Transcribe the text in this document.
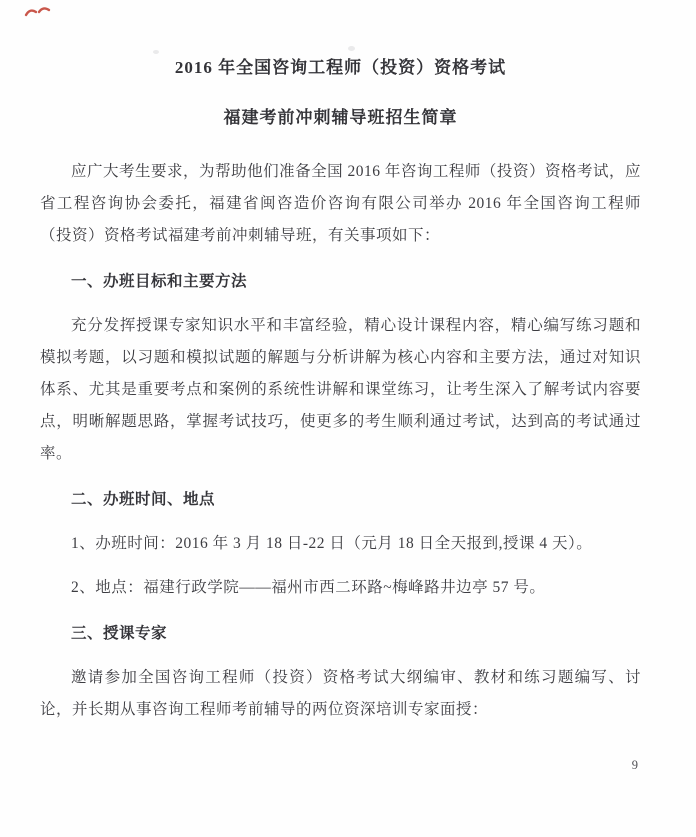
2016 年全国咨询工程师（投资）资格考试
福建考前冲刺辅导班招生简章

应广大考生要求，为帮助他们准备全国 2016 年咨询工程师（投资）资格考试，应省工程咨询协会委托，福建省闽咨造价咨询有限公司举办 2016 年全国咨询工程师（投资）资格考试福建考前冲刺辅导班，有关事项如下：

一、办班目标和主要方法

充分发挥授课专家知识水平和丰富经验，精心设计课程内容，精心编写练习题和模拟考题，以习题和模拟试题的解题与分析讲解为核心内容和主要方法，通过对知识体系、尤其是重要考点和案例的系统性讲解和课堂练习，让考生深入了解考试内容要点，明晰解题思路，掌握考试技巧，使更多的考生顺利通过考试，达到高的考试通过率。

二、办班时间、地点

1、办班时间：2016 年 3 月 18 日-22 日（元月 18 日全天报到,授课 4 天）。

2、地点：福建行政学院——福州市西二环路~梅峰路井边亭 57 号。

三、授课专家

邀请参加全国咨询工程师（投资）资格考试大纲编审、教材和练习题编写、讨论，并长期从事咨询工程师考前辅导的两位资深培训专家面授：

9
